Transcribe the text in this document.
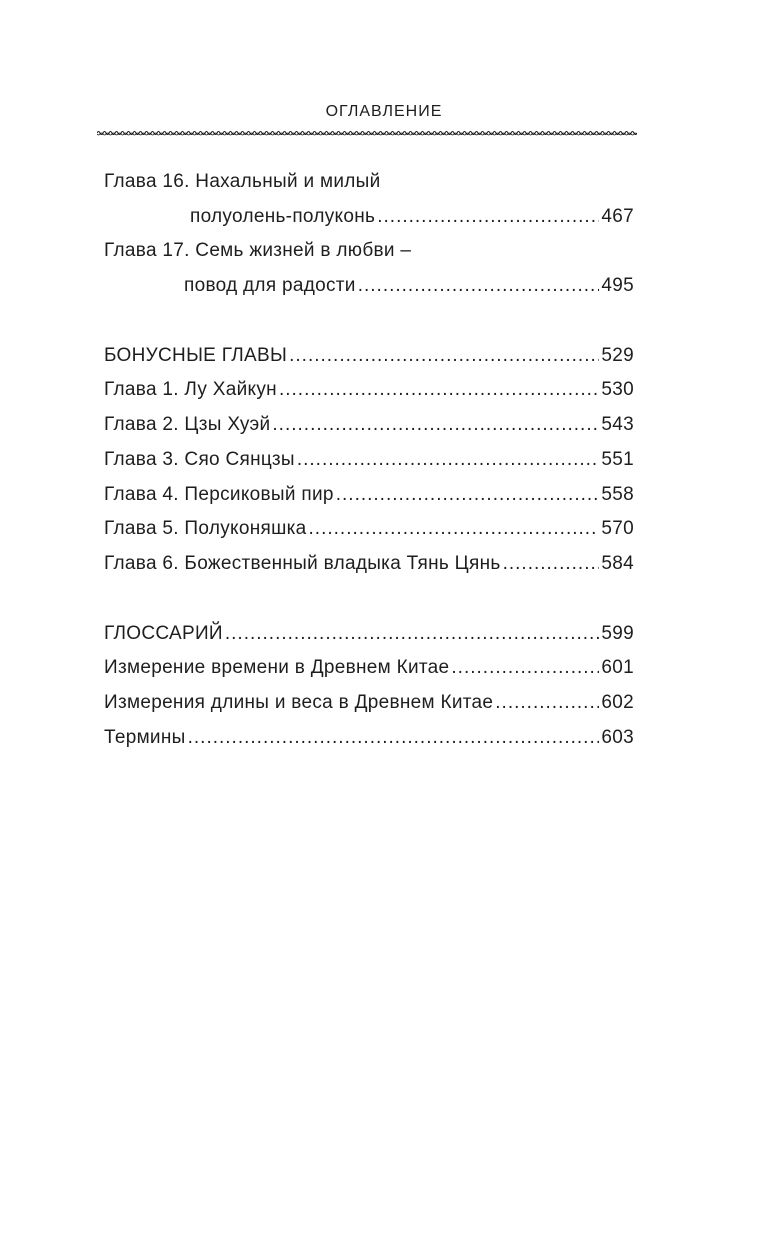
ОГЛАВЛЕНИЕ
Глава 16. Нахальный и милый
полуолень-полуконь .....	467
Глава 17. Семь жизней в любви –
повод для радости .....	495
БОНУСНЫЕ ГЛАВЫ .....	529
Глава 1. Лу Хайкун .....	530
Глава 2. Цзы Хуэй .....	543
Глава 3. Сяо Сянцзы .....	551
Глава 4. Персиковый пир .....	558
Глава 5. Полуконяшка .....	570
Глава 6. Божественный владыка Тянь Цянь .....	584
ГЛОССАРИЙ .....	599
Измерение времени в Древнем Китае .....	601
Измерения длины и веса в Древнем Китае .....	602
Термины .....	603
